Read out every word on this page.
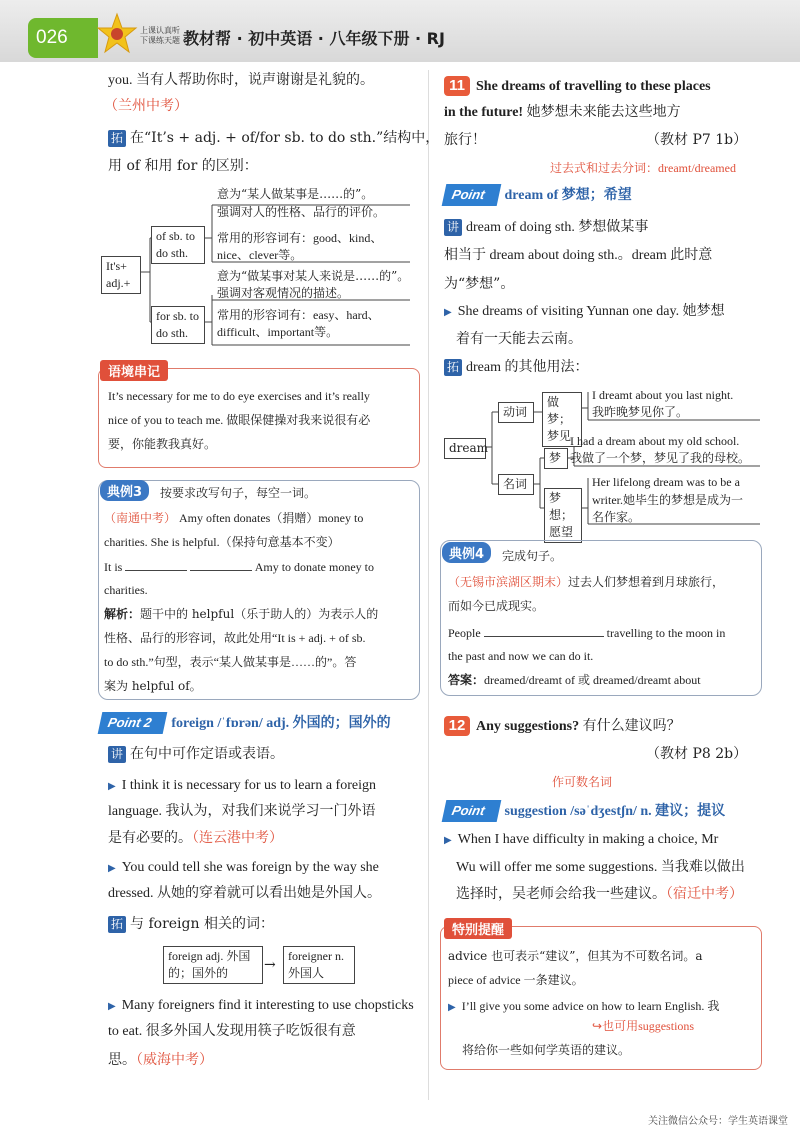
026	上课认真听
下课练天题 教材帮 · 初中英语 · 八年级下册 · RJ
you. 当有人帮助你时，说声谢谢是礼貌的。
（兰州中考）
拓 在“It’s + adj. + of/for sb. to do sth.”结构中，
用 of 和用 for 的区别：
It's+ adj.+
of sb. to do sth.
for sb. to do sth.
意为“某人做某事是……的”。
强调对人的性格、品行的评价。
常用的形容词有：good、kind、
nice、clever等。
意为“做某事对某人来说是……的”。
强调对客观情况的描述。
常用的形容词有：easy、hard、
difficult、important等。
语境串记
It’s necessary for me to do eye exercises and it’s really
nice of you to teach me. 做眼保健操对我来说很有必
要，你能教我真好。
典例3	按要求改写句子，每空一词。
（南通中考） Amy often donates（捐赠）money to
charities. She is helpful.（保持句意基本不变）
It is	Amy to donate money to
charities.
解析：题干中的 helpful（乐于助人的）为表示人的
性格、品行的形容词，故此处用“It is + adj. + of sb.
to do sth.”句型，表示“某人做某事是……的”。答
案为 helpful of。
Point 2 foreign /ˈfɒrən/ adj. 外国的；国外的
讲 在句中可作定语或表语。
▶ I think it is necessary for us to learn a foreign
language. 我认为，对我们来说学习一门外语
是有必要的。（连云港中考）
▶ You could tell she was foreign by the way she
dressed. 从她的穿着就可以看出她是外国人。
拓 与 foreign 相关的词：
foreign adj. 外国
的；国外的	→
foreigner n.
外国人
▶ Many foreigners find it interesting to use chopsticks
to eat. 很多外国人发现用筷子吃饭很有意
思。（威海中考）
11 She dreams of travelling to these places
in the future! 她梦想未来能去这些地方
旅行！	（教材 P7 1b）
过去式和过去分词：dreamt/dreamed
Point dream of 梦想；希望
讲 dream of doing sth. 梦想做某事
相当于 dream about doing sth.。dream 此时意
为“梦想”。
▶ She dreams of visiting Yunnan one day. 她梦想
着有一天能去云南。
拓 dream 的其他用法：
dream
动词
做梦；梦见
I dreamt about you last night.
我昨晚梦见你了。
名词
梦
I had a dream about my old school.
我做了一个梦，梦见了我的母校。
梦想；愿望
Her lifelong dream was to be a
writer.她毕生的梦想是成为一
名作家。
典例4	完成句子。
（无锡市滨湖区期末）过去人们梦想着到月球旅行，
而如今已成现实。
People	travelling to the moon in
the past and now we can do it.
答案：dreamed/dreamt of 或 dreamed/dreamt about
12 Any suggestions? 有什么建议吗？
（教材 P8 2b）
作可数名词
Point suggestion /səˈdʒestʃn/ n. 建议；提议
▶ When I have difficulty in making a choice, Mr
Wu will offer me some suggestions. 当我难以做出
选择时，吴老师会给我一些建议。（宿迁中考）
特别提醒
advice 也可表示“建议”，但其为不可数名词。a
piece of advice 一条建议。
▶ I’ll give you some advice on how to learn English. 我
↪也可用suggestions
将给你一些如何学英语的建议。
关注微信公众号：学生英语课堂
